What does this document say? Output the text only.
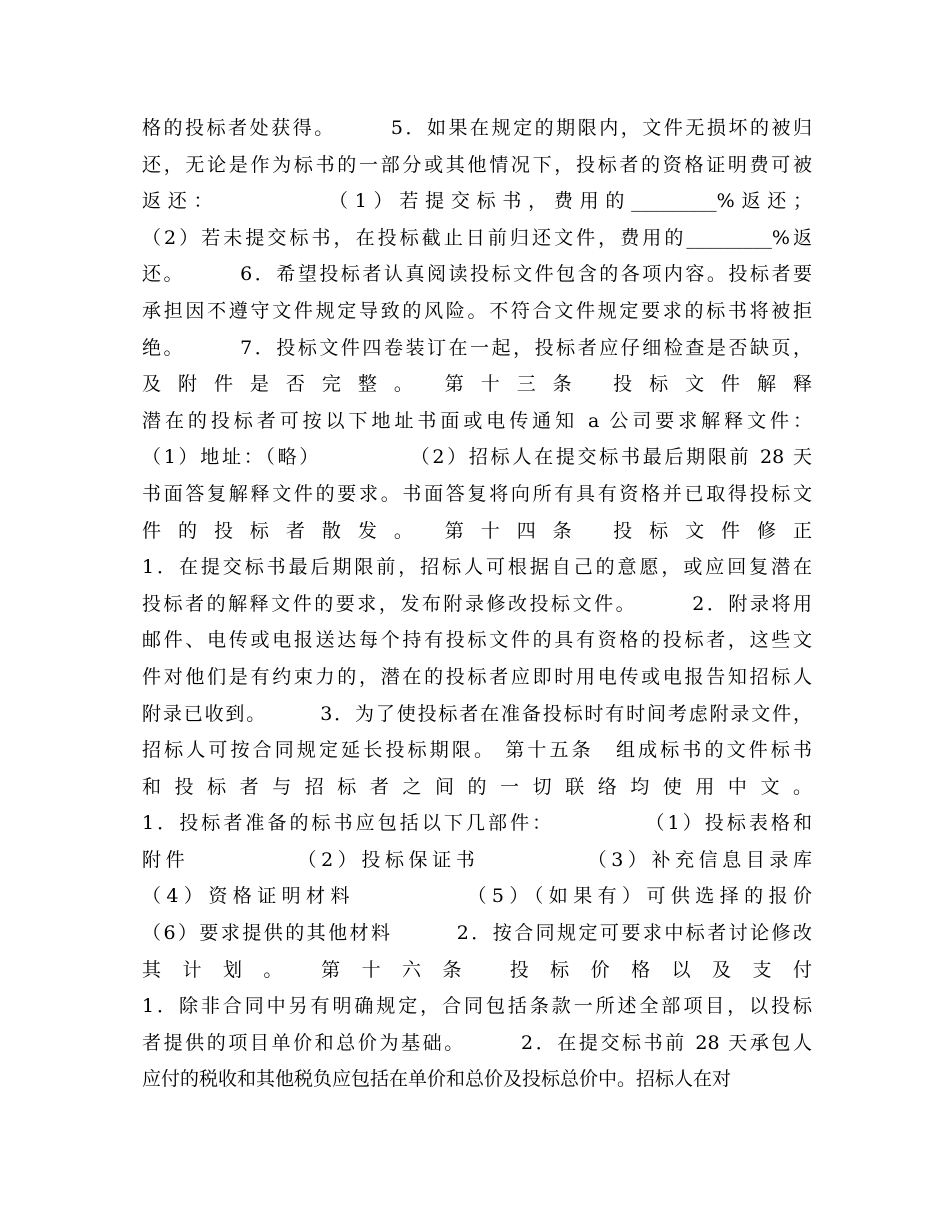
格的投标者处获得。　　　5．如果在规定的期限内，文件无损坏的被归
还，无论是作为标书的一部分或其他情况下，投标者的资格证明费可被
返还：　　　　　（1）若提交标书，费用的_________%返还；
（2）若未提交标书，在投标截止日前归还文件，费用的_________%返
还。　　　6．希望投标者认真阅读投标文件包含的各项内容。投标者要
承担因不遵守文件规定导致的风险。不符合文件规定要求的标书将被拒
绝。　　　7．投标文件四卷装订在一起，投标者应仔细检查是否缺页，
及 附 件 是 否 完 整 。　 第 十 三 条　 投 标 文 件 解 释
潜在的投标者可按以下地址书面或电传通知 a 公司要求解释文件：
（1）地址：（略）　　　　　（2）招标人在提交标书最后期限前 28 天
书面答复解释文件的要求。书面答复将向所有具有资格并已取得投标文
件 的 投 标 者 散 发 。　 第 十 四 条　 投 标 文 件 修 正
1．在提交标书最后期限前，招标人可根据自己的意愿，或应回复潜在
投标者的解释文件的要求，发布附录修改投标文件。　　　2．附录将用
邮件、电传或电报送达每个持有投标文件的具有资格的投标者，这些文
件对他们是有约束力的，潜在的投标者应即时用电传或电报告知招标人
附录已收到。　　　3．为了使投标者在准备投标时有时间考虑附录文件，
招标人可按合同规定延长投标期限。 第十五条　组成标书的文件标书
和 投 标 者 与 招 标 者 之 间 的 一 切 联 络 均 使 用 中 文 。
1．投标者准备的标书应包括以下几部件：　　　　　（1）投标表格和
附件　　　　　（2）投标保证书　　　　　（3）补充信息目录库
（4）资格证明材料　　　　　（5）（如果有）可供选择的报价
（6）要求提供的其他材料　　　2．按合同规定可要求中标者讨论修改
其 计 划 。　 第 十 六 条　 投 标 价 格 以 及 支 付
1．除非合同中另有明确规定，合同包括条款一所述全部项目，以投标
者提供的项目单价和总价为基础。　　　2．在提交标书前 28 天承包人
应付的税收和其他税负应包括在单价和总价及投标总价中。招标人在对
